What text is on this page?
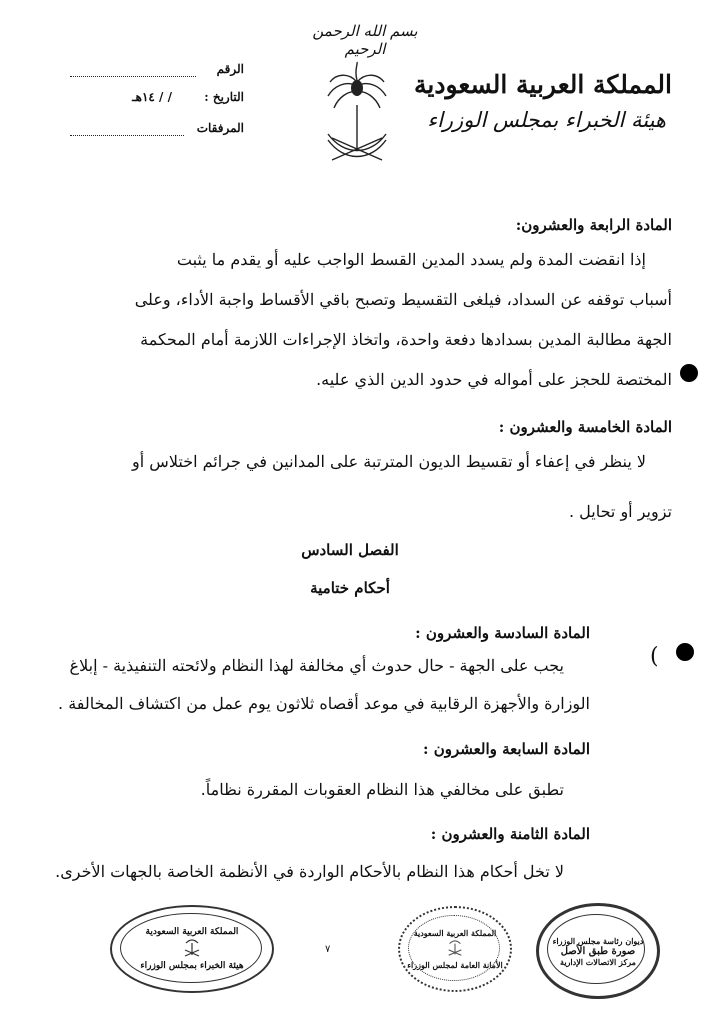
بسم الله الرحمن الرحيم
المملكة العربية السعودية
هيئة الخبراء بمجلس الوزراء
الرقم
التاريخ :
/ / ١٤هـ
المرفقات
المادة الرابعة والعشرون:

إذا انقضت المدة ولم يسدد المدين القسط الواجب عليه أو يقدم ما يثبت

أسباب توقفه عن السداد، فيلغى التقسيط وتصبح باقي الأقساط واجبة الأداء، وعلى

الجهة مطالبة المدين بسدادها دفعة واحدة، واتخاذ الإجراءات اللازمة أمام المحكمة

المختصة للحجز على أمواله في حدود الدين الذي عليه.

المادة الخامسة والعشرون :

لا ينظر في إعفاء أو تقسيط الديون المترتبة على المدانين في جرائم اختلاس أو

تزوير أو تحايل .

الفصل السادس
أحكام ختامية
المادة السادسة والعشرون :

يجب على الجهة - حال حدوث أي مخالفة لهذا النظام ولائحته التنفيذية - إبلاغ

الوزارة والأجهزة الرقابية في موعد أقصاه ثلاثون يوم عمل من اكتشاف المخالفة .

المادة السابعة والعشرون :

تطبق على مخالفي هذا النظام العقوبات المقررة نظاماً.

المادة الثامنة والعشرون :

لا تخل أحكام هذا النظام بالأحكام الواردة في الأنظمة الخاصة بالجهات الأخرى.

(
المملكة العربية السعودية
هيئة الخبراء بمجلس الوزراء
٧
المملكة العربية السعودية
الأمانة العامة لمجلس الوزراء
ديوان رئاسة مجلس الوزراء
صورة طبق الأصل
مركز الاتصالات الإدارية
